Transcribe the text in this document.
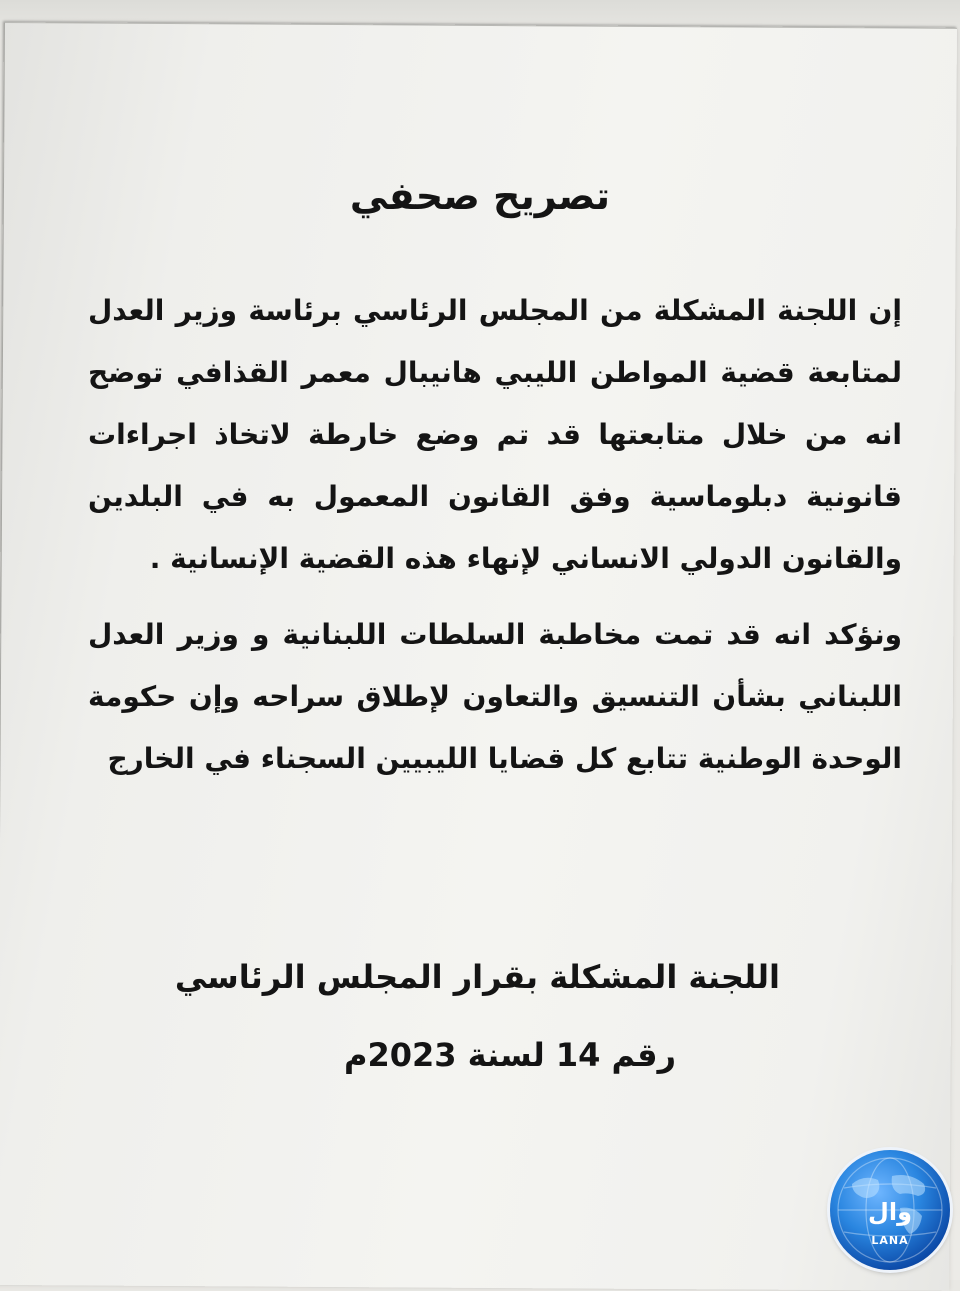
تصريح صحفي
إن اللجنة المشكلة من المجلس الرئاسي برئاسة وزير العدل لمتابعة قضية المواطن الليبي هانيبال معمر القذافي توضح انه من خلال متابعتها قد تم وضع خارطة لاتخاذ اجراءات قانونية دبلوماسية وفق القانون المعمول به في البلدين والقانون الدولي الانساني لإنهاء هذه القضية الإنسانية .
ونؤكد انه قد تمت مخاطبة السلطات اللبنانية و وزير العدل اللبناني بشأن التنسيق والتعاون لإطلاق سراحه وإن حكومة الوحدة الوطنية تتابع كل قضايا الليبيين السجناء في الخارج
اللجنة المشكلة بقرار المجلس الرئاسي
رقم 14 لسنة 2023م
وال
LANA
